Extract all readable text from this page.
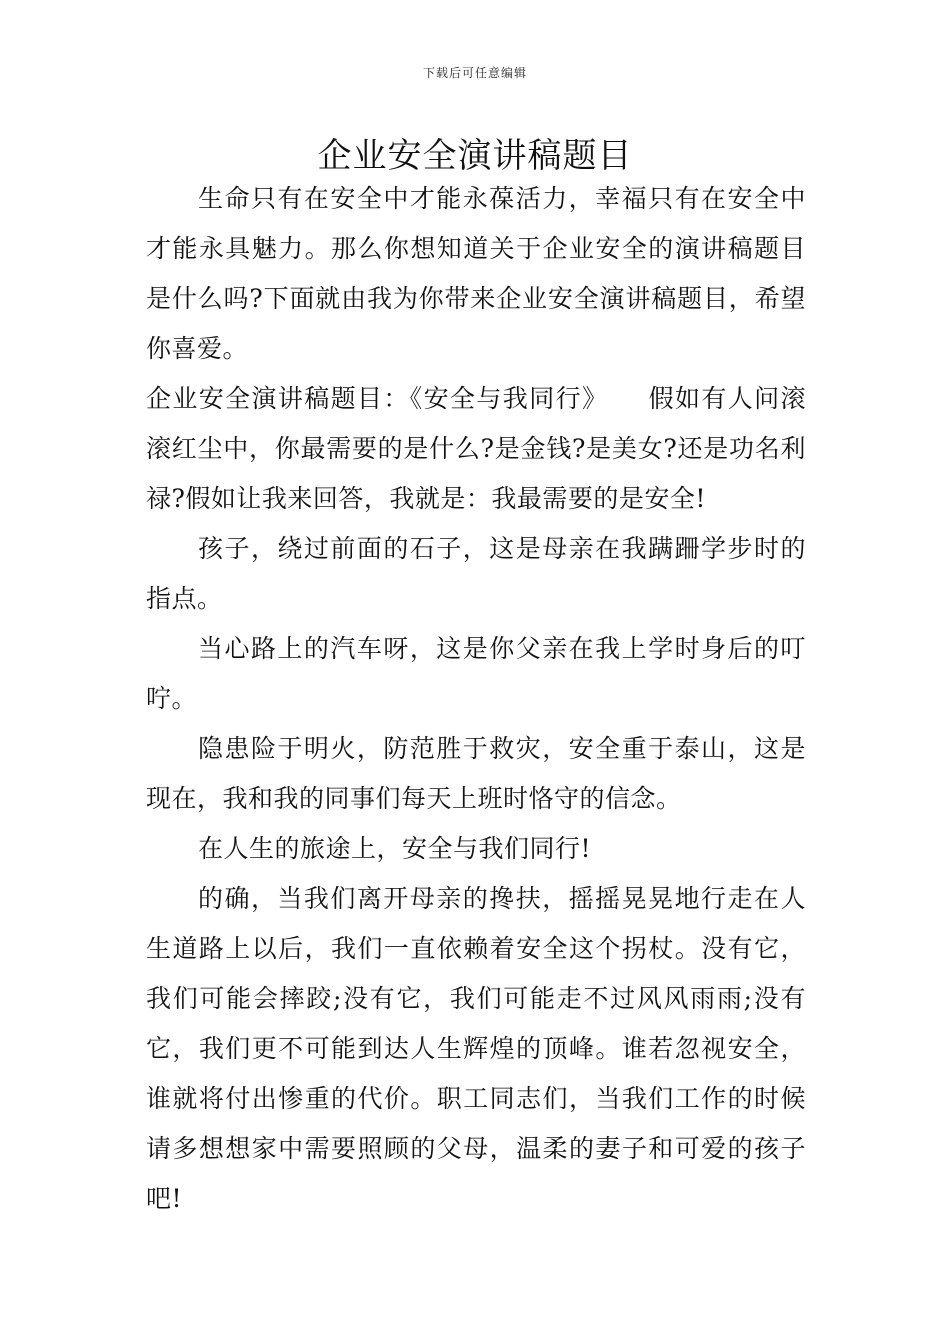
下载后可任意编辑
企业安全演讲稿题目

生命只有在安全中才能永葆活力，幸福只有在安全中才能永具魅力。那么你想知道关于企业安全的演讲稿题目是什么吗?下面就由我为你带来企业安全演讲稿题目，希望你喜爱。

企业安全演讲稿题目：《安全与我同行》　　假如有人问滚滚红尘中，你最需要的是什么?是金钱?是美女?还是功名利禄?假如让我来回答，我就是：我最需要的是安全!

孩子，绕过前面的石子，这是母亲在我蹒跚学步时的指点。

当心路上的汽车呀，这是你父亲在我上学时身后的叮咛。

隐患险于明火，防范胜于救灾，安全重于泰山，这是现在，我和我的同事们每天上班时恪守的信念。

在人生的旅途上，安全与我们同行!

的确，当我们离开母亲的搀扶，摇摇晃晃地行走在人生道路上以后，我们一直依赖着安全这个拐杖。没有它，我们可能会摔跤;没有它，我们可能走不过风风雨雨;没有它，我们更不可能到达人生辉煌的顶峰。谁若忽视安全，谁就将付出惨重的代价。职工同志们，当我们工作的时候请多想想家中需要照顾的父母，温柔的妻子和可爱的孩子吧!
